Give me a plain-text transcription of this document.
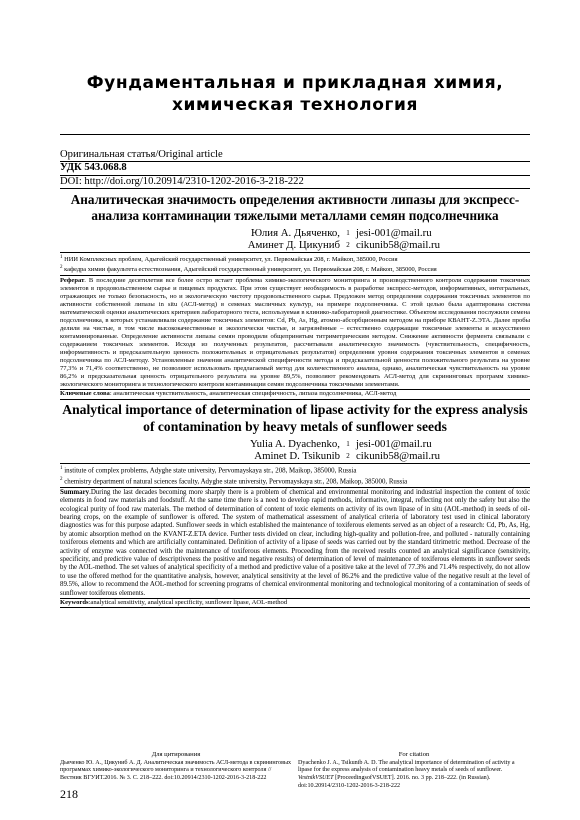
Фундаментальная и прикладная химия,
химическая технология
Оригинальная статья/Original article
УДК 543.068.8
DOI: http://doi.org/10.20914/2310-1202-2016-3-218-222
Аналитическая значимость определения активности липазы для экспресс-анализа контаминации тяжелыми металлами семян подсолнечника
Юлия А. Дьяченко, 1 jesi-001@mail.ru
Аминет Д. Цикуниб 2 cikunib58@mail.ru
$^1$ НИИ Комплексных проблем, Адыгейский государственный университет, ул. Первомайская 208, г. Майкоп, 385000, Россия
$^2$ кафедра химии факультета естествознания, Адыгейский государственный университет, ул. Первомайская 208, г. Майкоп, 385000, Россия
Реферат. В последние десятилетия все более остро встает проблема химико-экологического мониторинга и производственного контроля содержания токсичных элементов в продовольственном сырье и пищевых продуктах. При этом существует необходимость в разработке экспресс-методов, информативных, интегральных, отражающих не только безопасность, но и экологическую чистоту продовольственного сырья. Предложен метод определения содержания токсичных элементов по активности собственной липазы in situ (АСЛ-метод) в семенах масличных культур, на примере подсолнечника. С этой целью была адаптирована система математической оценки аналитических критериев лабораторного теста, используемая в клинико-лабораторной диагностике. Объектом исследования послужили семена подсолнечника, в которых устанавливали содержание токсичных элементов: Cd, Pb, As, Hg, атомно-абсорбционным методом на приборе КВАНТ-Z.ЭТА. Далее пробы делили на чистые, в том числе высококачественные и экологически чистые, и загрязнённые – естественно содержащие токсичные элементы и искусственно контаминированные. Определение активности липазы семян проводили общепринятым титриметрическим методом. Снижение активности фермента связывали с содержанием токсичных элементов. Исходя из полученных результатов, рассчитывали аналитическую значимость (чувствительность, специфичность, информативность и предсказательную ценность положительных и отрицательных результатов) определения уровня содержания токсичных элементов в семенах подсолнечника по АСЛ-методу. Установленные значения аналитической специфичности метода и предсказательной ценности положительного результата на уровне 77,3% и 71,4% соответственно, не позволяют использовать предлагаемый метод для количественного анализа, однако, аналитическая чувствительность на уровне 86,2% и предсказательная ценность отрицательного результата на уровне 89,5%, позволяют рекомендовать АСЛ-метод для скрининговых программ химико-экологического мониторинга и технологического контроля контаминации семян подсолнечника токсичными элементами.
Ключевые слова: аналитическая чувствительность, аналитическая специфичность, липаза подсолнечника, АСЛ-метод
Analytical importance of determination of lipase activity for the express analysis of contamination by heavy metals of sunflower seeds
Yulia A. Dyachenko, 1 jesi-001@mail.ru
Aminet D. Tsikunib 2 cikunib58@mail.ru
$^1$ institute of complex problems, Adyghe state university, Pervomayskaya str., 208, Maikop, 385000, Russia
$^2$ chemistry department of natural sciences faculty, Adyghe state university, Pervomayskaya str., 208, Maikop, 385000, Russia
Summary.During the last decades becoming more sharply there is a problem of chemical and environmental monitoring and industrial inspection the content of toxic elements in food raw materials and foodstuff. At the same time there is a need to develop rapid methods, informative, integral, reflecting not only the safety but also the ecological purity of food raw materials. The method of determination of content of toxic elements on activity of its own lipase of in situ (AOL-method) in seeds of oil-bearing crops, on the example of sunflower is offered. The system of mathematical assessment of analytical criteria of laboratory test used in clinical laboratory diagnostics was for this purpose adapted. Sunflower seeds in which established the maintenance of toxiferous elements served as an object of a research: Cd, Pb, As, Hg, by atomic absorption method on the KVANT-Z.ETA device. Further tests divided on clear, including high-quality and pollution-free, and polluted - naturally containing toxiferous elements and which are artificially contaminated. Definition of activity of a lipase of seeds was carried out by the standard titrimetric method. Decrease of the activity of enzyme was connected with the maintenance of toxiferous elements. Proceeding from the received results counted an analytical significance (sensitivity, specificity, and predictive value of descriptiveness the positive and negative results) of determination of level of maintenance of toxiferous elements in sunflower seeds by the AOL-method. The set values of analytical specificity of a method and predictive value of a positive take at the level of 77.3% and 71.4% respectively, do not allow to use the offered method for the quantitative analysis, however, analytical sensitivity at the level of 86.2% and the predictive value of the negative result at the level of 89.5%, allow to recommend the AOL-method for screening programs of chemical environmental monitoring and technological monitoring of a contamination of seeds of sunflower toxiferous elements.
Keywords:analytical sensitivity, analytical specificity, sunflower lipase, AOL-method
Для цитирования
Дьяченко Ю. А., Цикуниб А. Д. Аналитическая значимость АСЛ-метода в скрининговых программах химико-экологического мониторинга и технологического контроля // Вестник ВГУИТ.2016. № 3. С. 218–222. doi:10.20914/2310-1202-2016-3-218-222
For citation
Dyachenko J. A., Tsikunib A. D. The analytical importance of determination of activity a lipase for the express analysis of contamination heavy metals of seeds of sunflower. VestnikVSUET [ProceedingsofVSUET]. 2016. no. 3 pp. 218–222. (in Russian). doi:10.20914/2310-1202-2016-3-218-222
218
